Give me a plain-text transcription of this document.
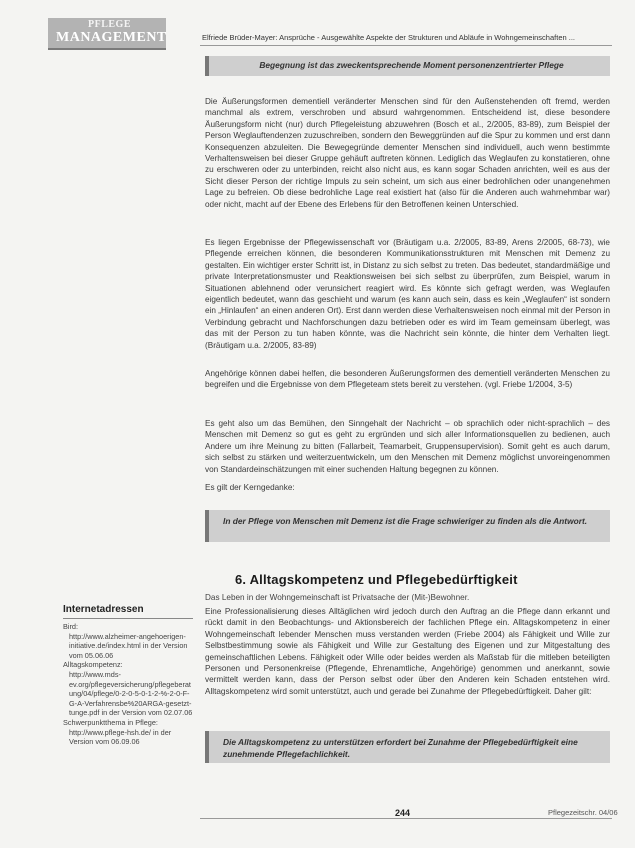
PFLEGE
MANAGEMENT	Elfriede Brüder-Mayer: Ansprüche - Ausgewählte Aspekte der Strukturen und Abläufe in Wohngemeinschaften ...
Begegnung ist das zweckentsprechende Moment personenzentrierter Pflege

Die Äußerungsformen dementiell veränderter Menschen sind für den Außenstehenden oft fremd, werden manchmal als extrem, verschroben und absurd wahrgenommen. Entscheidend ist, diese besondere Äußerungsform nicht (nur) durch Pflegeleistung abzuwehren (Bosch et al., 2/2005, 83-89), zum Beispiel der Person Weglauftendenzen zuzuschreiben, sondern den Beweggründen auf die Spur zu kommen und erst dann Konsequenzen abzuleiten. Die Bewegegründe dementer Menschen sind individuell, auch wenn bestimmte Verhaltensweisen bei dieser Gruppe gehäuft auftreten können. Lediglich das Weglaufen zu konstatieren, ohne zu erschweren oder zu unterbinden, reicht also nicht aus, es kann sogar Schaden anrichten, weil es aus der Sicht dieser Person der richtige Impuls zu sein scheint, um sich aus einer bedrohlichen oder unangenehmen Lage zu befreien. Ob diese bedrohliche Lage real existiert hat (also für die Anderen auch wahrnehmbar war) oder nicht, macht auf der Ebene des Erlebens für den Betroffenen keinen Unterschied.

Es liegen Ergebnisse der Pflegewissenschaft vor (Bräutigam u.a. 2/2005, 83-89, Arens 2/2005, 68-73), wie Pflegende erreichen können, die besonderen Kommunikationsstrukturen mit Menschen mit Demenz zu gestalten. Ein wichtiger erster Schritt ist, in Distanz zu sich selbst zu treten. Das bedeutet, standardmäßige und private Interpretationsmuster und Reaktionsweisen bei sich selbst zu überprüfen, zum Beispiel, warum in Situationen ablehnend oder verunsichert reagiert wird. Es könnte sich gefragt werden, was Weglaufen eigentlich bedeutet, wann das geschieht und warum (es kann auch sein, dass es kein „Weglaufen“ ist sondern ein „Hinlaufen“ an einen anderen Ort). Erst dann werden diese Verhaltensweisen noch einmal mit der Person in Verbindung gebracht und Nachforschungen dazu betrieben oder es wird im Team gemeinsam überlegt, was das mit der Person zu tun haben könnte, was die Nachricht sein könnte, die hinter dem Verhalten liegt. (Bräutigam u.a. 2/2005, 83-89)

Angehörige können dabei helfen, die besonderen Äußerungsformen des dementiell veränderten Menschen zu begreifen und die Ergebnisse von dem Pflegeteam stets bereit zu verstehen. (vgl. Friebe 1/2004, 3-5)

Es geht also um das Bemühen, den Sinngehalt der Nachricht – ob sprachlich oder nicht-sprachlich – des Menschen mit Demenz so gut es geht zu ergründen und sich aller Informationsquellen zu bedienen, auch Andere um ihre Meinung zu bitten (Fallarbeit, Teamarbeit, Gruppensupervision). Somit geht es auch darum, sich selbst zu stärken und weiterzuentwickeln, um den Menschen mit Demenz möglichst unvoreingenommen von Standardeinschätzungen mit einer suchenden Haltung begegnen zu können.

Es gilt der Kerngedanke:

In der Pflege von Menschen mit Demenz ist die Frage schwieriger zu finden als die Antwort.
6. Alltagskompetenz und Pflegebedürftigkeit
Das Leben in der Wohngemeinschaft ist Privatsache der (Mit-)Bewohner.

Eine Professionalisierung dieses Alltäglichen wird jedoch durch den Auftrag an die Pflege dann erkannt und rückt damit in den Beobachtungs- und Aktionsbereich der fachlichen Pflege ein. Alltagskompetenz in einer Wohngemeinschaft lebender Menschen muss verstanden werden (Friebe 2004) als Fähigkeit und Wille zur Selbstbestimmung sowie als Fähigkeit und Wille zur Gestaltung des Eigenen und zur Mitgestaltung des gemeinschaftlichen Lebens. Fähigkeit oder Wille oder beides werden als Maßstab für die mitleben beteiligten Personen und Personenkreise (Pflegende, Ehrenamtliche, Angehörige) genommen und anerkannt, sowie vermittelt werden kann, dass der Person selbst oder über den Anderen kein Schaden entstehen wird. Alltagskompetenz wird somit unterstützt, auch und gerade bei Zunahme der Pflegebedürftigkeit. Daher gilt:

Die Alltagskompetenz zu unterstützen erfordert bei Zunahme der Pflegebedürftigkeit eine zunehmende Pflegefachlichkeit.
Internetadressen
Bird:
http://www.alzheimer-angehoerigen-initiative.de/index.html in der Version vom 05.06.06
Alltagskompetenz:
http://www.mds-ev.org/pflegeversicherung/pflegeberatung/04/pflege/0-2-0-5-0-1-2-%-2-0-F-G-A-Verfahrensbe%20ARGA-gesetzt-tunge.pdf in der Version vom 02.07.06
Schwerpunktthema in Pflege:
http://www.pflege-hsh.de/ in der Version vom 06.09.06
244	Pflegezeitschr. 04/06
